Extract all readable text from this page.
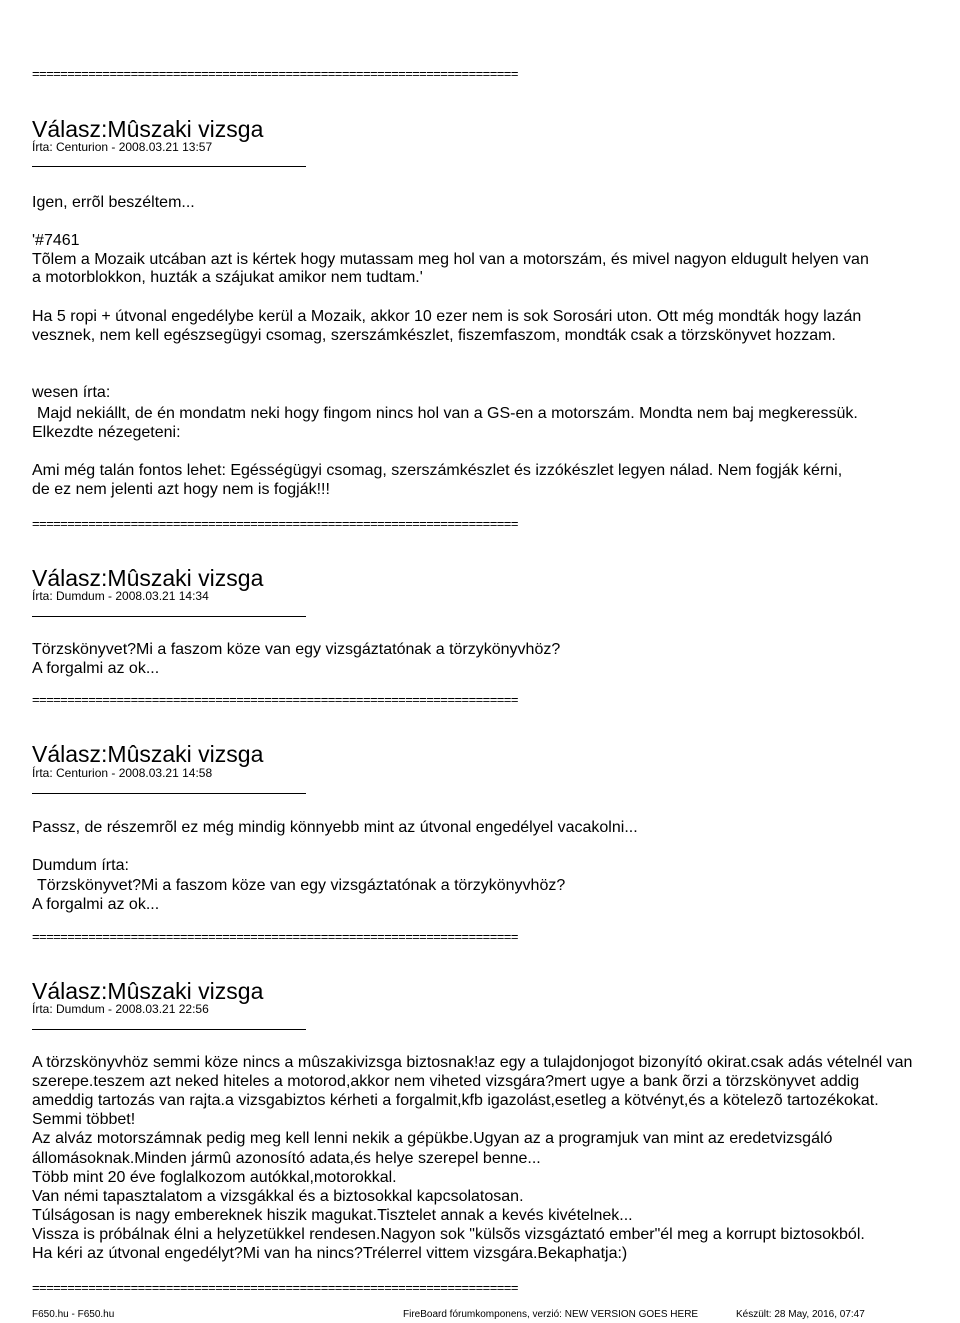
=====================================================================
=====================================================================
=====================================================================
=====================================================================
=====================================================================
Válasz:Mûszaki vizsga
Írta: Centurion - 2008.03.21 13:57
Igen, errõl beszéltem...
'#7461
Tõlem a Mozaik utcában azt is kértek hogy mutassam meg hol van a motorszám, és mivel nagyon eldugult helyen van
a motorblokkon, huzták a szájukat amikor nem tudtam.'
Ha 5 ropi + útvonal engedélybe kerül a Mozaik, akkor 10 ezer nem is sok Sorosári uton. Ott még mondták hogy lazán
vesznek, nem kell egészsegügyi csomag, szerszámkészlet, fiszemfaszom, mondták csak a törzskönyvet hozzam.
wesen írta:
Majd nekiállt, de én mondatm neki hogy fingom nincs hol van a GS-en a motorszám. Mondta nem baj megkeressük.
Elkezdte nézegeteni:
Ami még talán fontos lehet: Egésségügyi csomag, szerszámkészlet és izzókészlet legyen nálad. Nem fogják kérni,
de ez nem jelenti azt hogy nem is fogják!!!
Válasz:Mûszaki vizsga
Írta: Dumdum - 2008.03.21 14:34
Törzskönyvet?Mi a faszom köze van egy vizsgáztatónak a törzykönyvhöz?
A forgalmi az ok...
Válasz:Mûszaki vizsga
Írta: Centurion - 2008.03.21 14:58
Passz, de részemrõl ez még mindig könnyebb mint az útvonal engedélyel vacakolni...
Dumdum írta:
Törzskönyvet?Mi a faszom köze van egy vizsgáztatónak a törzykönyvhöz?
A forgalmi az ok...
Válasz:Mûszaki vizsga
Írta: Dumdum - 2008.03.21 22:56
A törzskönyvhöz semmi köze nincs a mûszakivizsga biztosnak!az egy a tulajdonjogot bizonyító okirat.csak adás vételnél van
szerepe.teszem azt neked hiteles a motorod,akkor nem viheted vizsgára?mert ugye a bank õrzi a törzskönyvet addig
ameddig tartozás van rajta.a vizsgabiztos kérheti a forgalmit,kfb igazolást,esetleg a kötvényt,és a kötelezõ tartozékokat.
Semmi többet!
Az alváz motorszámnak pedig meg kell lenni nekik a gépükbe.Ugyan az a programjuk van mint az eredetvizsgáló
állomásoknak.Minden jármû azonosító adata,és helye szerepel benne...
Több mint 20 éve foglalkozom autókkal,motorokkal.
Van némi tapasztalatom a vizsgákkal és a biztosokkal kapcsolatosan.
Túlságosan is nagy embereknek hiszik magukat.Tisztelet annak a kevés kivételnek...
Vissza is próbálnak élni a helyzetükkel rendesen.Nagyon sok "külsõs vizsgáztató ember"él meg a korrupt biztosokból.
Ha kéri az útvonal engedélyt?Mi van ha nincs?Trélerrel vittem vizsgára.Bekaphatja:)
F650.hu - F650.hu	FireBoard fórumkomponens, verzió: NEW VERSION GOES HERE	Készült: 28 May, 2016, 07:47
